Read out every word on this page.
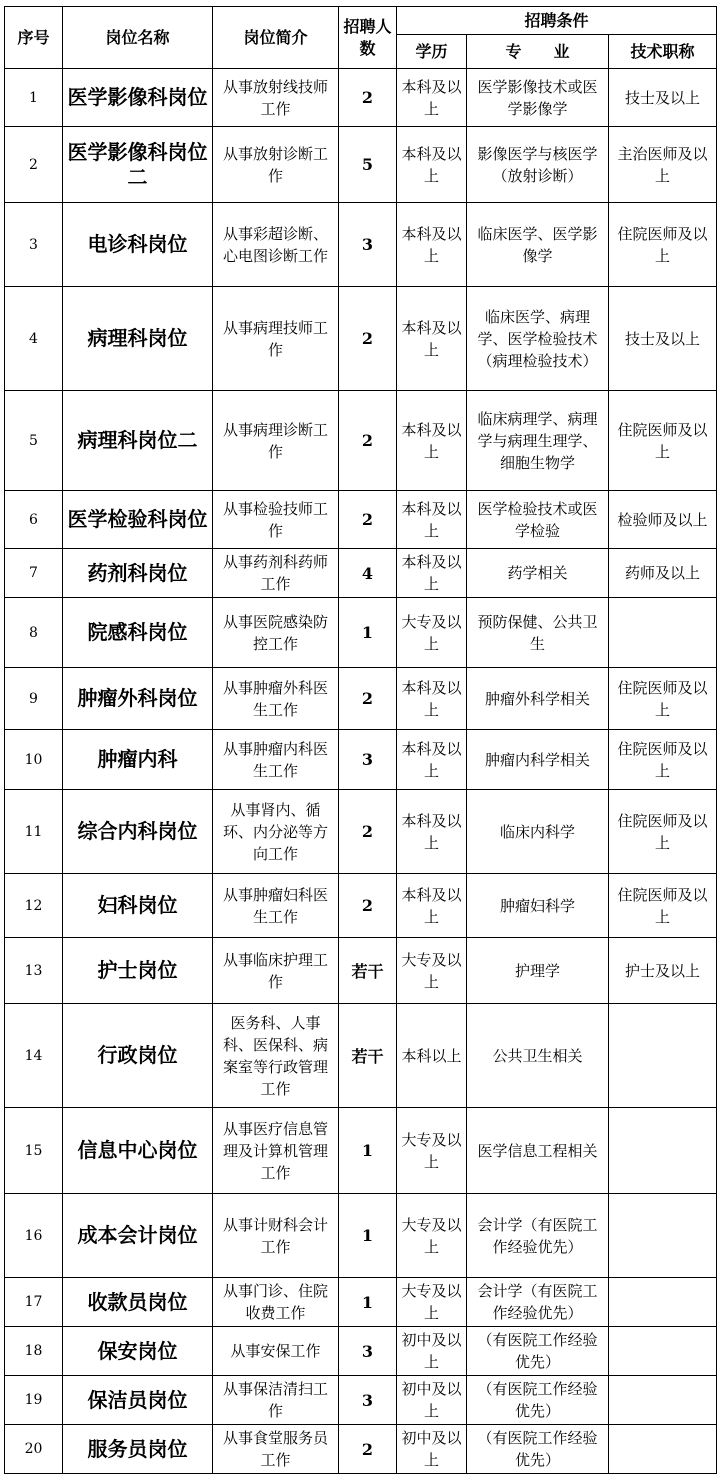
序号	岗位名称	岗位简介	招聘人数	招聘条件		
				学历	专　　业	技术职称
1	医学影像科岗位	从事放射线技师工作	2	本科及以上	医学影像技术或医学影像学	技士及以上
2	医学影像科岗位二	从事放射诊断工作	5	本科及以上	影像医学与核医学（放射诊断）	主治医师及以上
3	电诊科岗位	从事彩超诊断、心电图诊断工作	3	本科及以上	临床医学、医学影像学	住院医师及以上
4	病理科岗位	从事病理技师工作	2	本科及以上	临床医学、病理学、医学检验技术（病理检验技术）	技士及以上
5	病理科岗位二	从事病理诊断工作	2	本科及以上	临床病理学、病理学与病理生理学、细胞生物学	住院医师及以上
6	医学检验科岗位	从事检验技师工作	2	本科及以上	医学检验技术或医学检验	检验师及以上
7	药剂科岗位	从事药剂科药师工作	4	本科及以上	药学相关	药师及以上
8	院感科岗位	从事医院感染防控工作	1	大专及以上	预防保健、公共卫生	
9	肿瘤外科岗位	从事肿瘤外科医生工作	2	本科及以上	肿瘤外科学相关	住院医师及以上
10	肿瘤内科	从事肿瘤内科医生工作	3	本科及以上	肿瘤内科学相关	住院医师及以上
11	综合内科岗位	从事肾内、循环、内分泌等方向工作	2	本科及以上	临床内科学	住院医师及以上
12	妇科岗位	从事肿瘤妇科医生工作	2	本科及以上	肿瘤妇科学	住院医师及以上
13	护士岗位	从事临床护理工作	若干	大专及以上	护理学	护士及以上
14	行政岗位	医务科、人事科、医保科、病案室等行政管理工作	若干	本科以上	公共卫生相关	
15	信息中心岗位	从事医疗信息管理及计算机管理工作	1	大专及以上	医学信息工程相关	
16	成本会计岗位	从事计财科会计工作	1	大专及以上	会计学（有医院工作经验优先）	
17	收款员岗位	从事门诊、住院收费工作	1	大专及以上	会计学（有医院工作经验优先）	
18	保安岗位	从事安保工作	3	初中及以上	（有医院工作经验优先）	
19	保洁员岗位	从事保洁清扫工作	3	初中及以上	（有医院工作经验优先）	
20	服务员岗位	从事食堂服务员工作	2	初中及以上	（有医院工作经验优先）	
